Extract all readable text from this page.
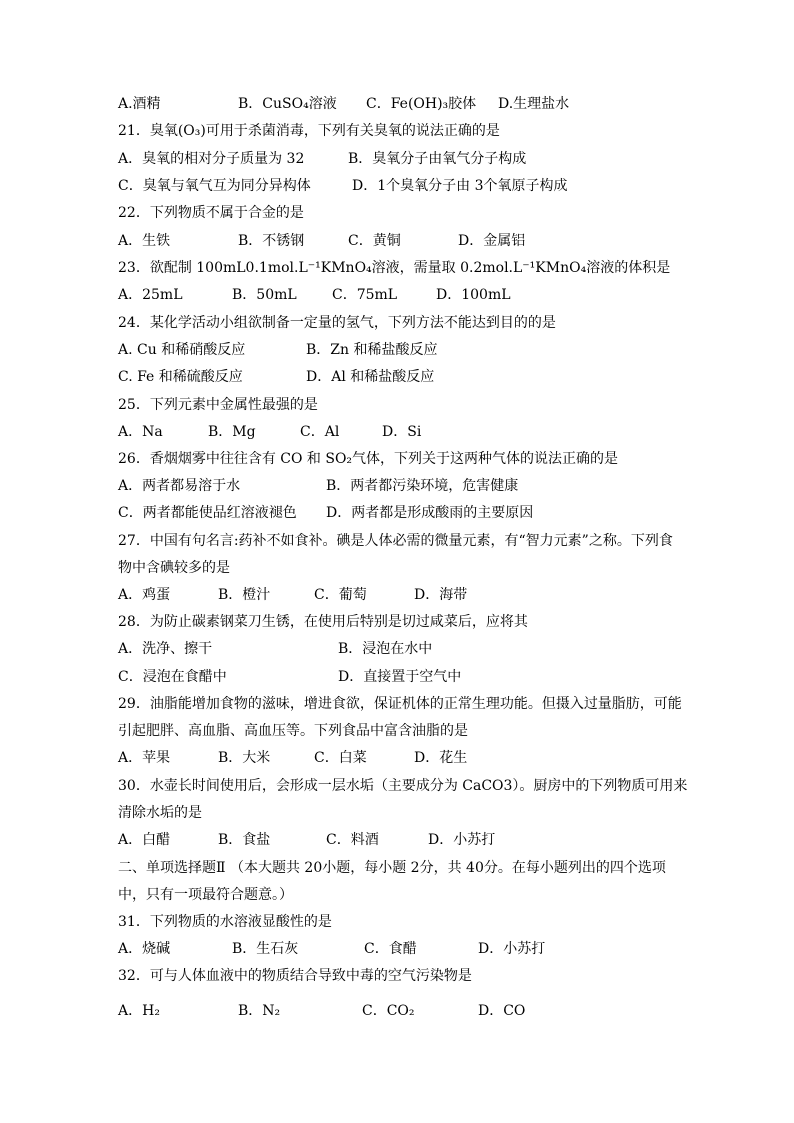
A.酒精	B．CuSO₄溶液 C．Fe(OH)₃胶体 D.生理盐水
21．臭氧(O₃)可用于杀菌消毒，下列有关臭氧的说法正确的是
A．臭氧的相对分子质量为 32	B．臭氧分子由氧气分子构成
C．臭氧与氧气互为同分异构体	D．1个臭氧分子由 3个氧原子构成
22．下列物质不属于合金的是
A．生铁	B．不锈钢	C．黄铜	D．金属铝
23．欲配制 100mL0.1mol.L⁻¹KMnO₄溶液，需量取 0.2mol.L⁻¹KMnO₄溶液的体积是
A．25mL	B．50mL	C．75mL	D．100mL
24．某化学活动小组欲制备一定量的氢气，下列方法不能达到目的的是
A. Cu 和稀硝酸反应	B．Zn 和稀盐酸反应
C. Fe 和稀硫酸反应	D．Al 和稀盐酸反应
25．下列元素中金属性最强的是
A．Na	B．Mg	C．Al	D．Si
26．香烟烟雾中往往含有 CO 和 SO₂气体，下列关于这两种气体的说法正确的是
A．两者都易溶于水	B．两者都污染环境，危害健康
C．两者都能使品红溶液褪色 D．两者都是形成酸雨的主要原因
27．中国有句名言:药补不如食补。碘是人体必需的微量元素，有“智力元素”之称。下列食
物中含碘较多的是
A．鸡蛋	B．橙汁	C．葡萄	D．海带
28．为防止碳素钢菜刀生锈，在使用后特别是切过咸菜后，应将其
A．洗净、擦干	B．浸泡在水中
C．浸泡在食醋中	D．直接置于空气中
29．油脂能增加食物的滋味，增进食欲，保证机体的正常生理功能。但摄入过量脂肪，可能
引起肥胖、高血脂、高血压等。下列食品中富含油脂的是
A．苹果	B．大米	C．白菜	D．花生
30．水壶长时间使用后，会形成一层水垢（主要成分为 CaCO3）。厨房中的下列物质可用来
清除水垢的是
A．白醋	B．食盐	C．料酒	D．小苏打
二、单项选择题Ⅱ （本大题共 20小题，每小题 2分，共 40分。在每小题列出的四个选项
中，只有一项最符合题意。）
31．下列物质的水溶液显酸性的是
A．烧碱	B．生石灰	C．食醋	D．小苏打
32．可与人体血液中的物质结合导致中毒的空气污染物是
A．H₂	B．N₂	C．CO₂	D．CO
